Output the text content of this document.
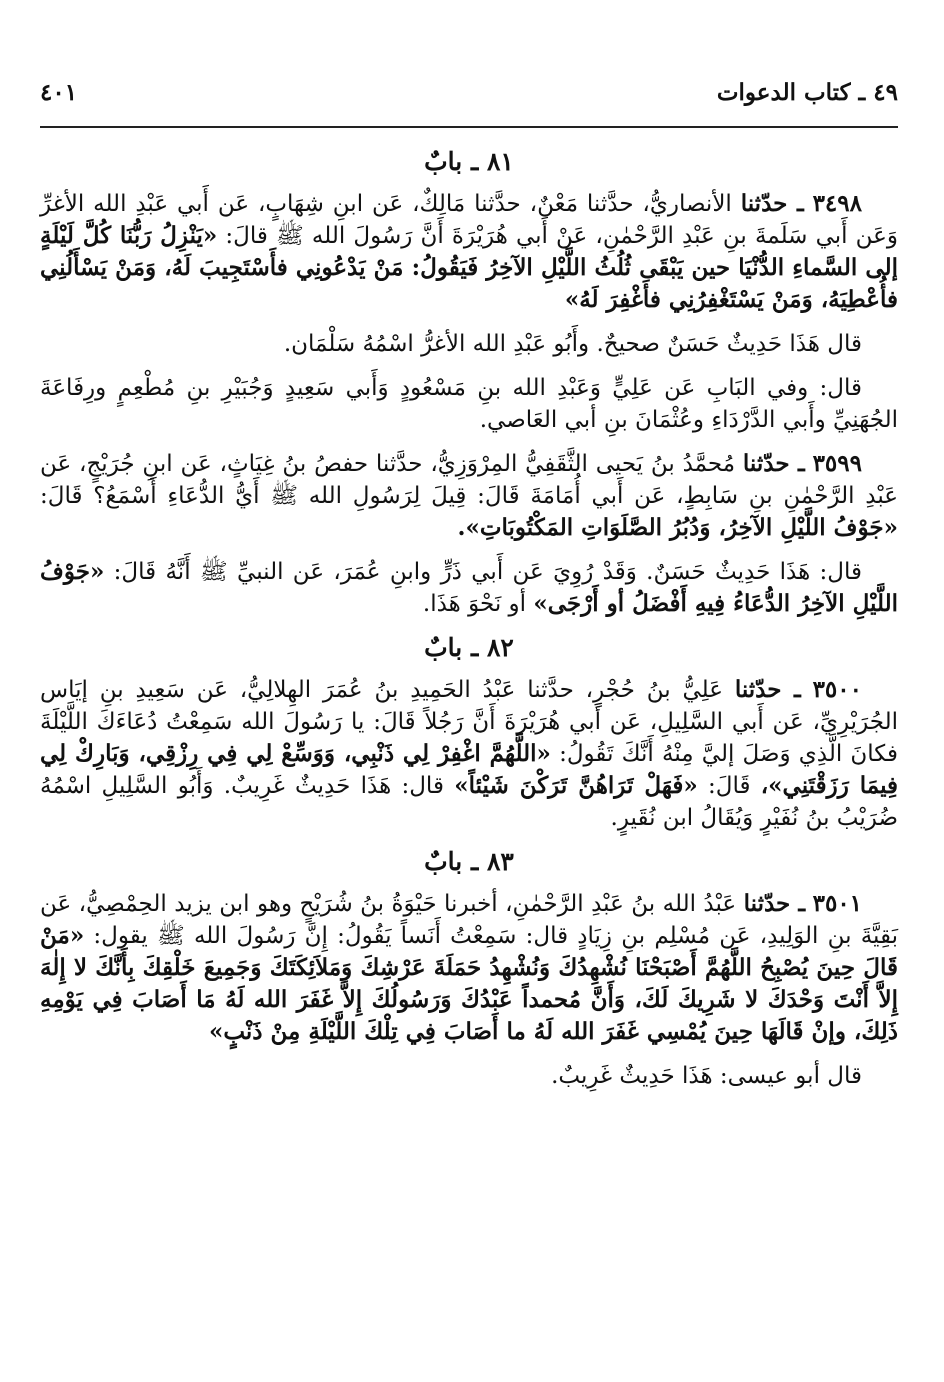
٤٩ ـ كتاب الدعوات
٤٠١
٨١ ـ بابٌ

٣٤٩٨ ـ حدّثنا الأنصاريُّ، حدَّثنا مَعْنٌ، حدَّثنا مَالِكٌ، عَن ابنِ شِهَابٍ، عَن أَبي عَبْدِ الله الأغرِّ وَعَن أَبي سَلَمةَ بنِ عَبْدِ الرَّحْمٰنِ، عَنْ أَبي هُرَيْرَةَ أَنَّ رَسُولَ الله ﷺ قالَ: «يَنْزِلُ رَبُّنَا كُلَّ لَيْلَةٍ إلى السَّماءِ الدُّنْيَا حين يَبْقَى ثُلُثُ اللَّيْلِ الآخِرُ فَيَقُولُ: مَنْ يَدْعُونِي فأَسْتَجِيبَ لَهُ، وَمَنْ يَسْأَلُنِي فأُعْطِيَهُ، وَمَنْ يَسْتَغْفِرُنِي فأَغْفِرَ لَهُ»

قال هَذَا حَدِيثٌ حَسَنٌ صحيحٌ. وأَبُو عَبْدِ الله الأغرُّ اسْمُهُ سَلْمَان.

قال: وفي البَابِ عَن عَلِيٍّ وَعَبْدِ الله بنِ مَسْعُودٍ وَأَبي سَعِيدٍ وَجُبَيْرِ بنِ مُطْعِمٍ ورِفَاعَةَ الجُهَنِيِّ وأَبي الدَّرْدَاءِ وعُثْمَانَ بنِ أبي العَاصي.

٣٥٩٩ ـ حدّثنا مُحمَّدُ بنُ يَحيى الثَّقَفِيُّ المِرْوَزِيُّ، حدَّثنا حفصُ بنُ غِيَاثٍ، عَن ابنِ جُرَيْجٍ، عَن عَبْدِ الرَّحْمٰنِ بنِ سَابِطٍ، عَن أَبي أُمَامَةَ قَالَ: قِيلَ لِرَسُولِ الله ﷺ أَيُّ الدُّعَاءِ أَسْمَعُ؟ قَالَ: «جَوْفُ اللَّيْلِ الآخِرُ، وَدُبُرُ الصَّلَوَاتِ المَكْتُوبَاتِ».

قال: هَذَا حَدِيثٌ حَسَنٌ. وَقَدْ رُوِيَ عَن أَبي ذَرٍّ وابنِ عُمَرَ، عَن النبيِّ ﷺ أَنَّهُ قَالَ: «جَوْفُ اللَّيْلِ الآخِرُ الدُّعَاءُ فِيهِ أَفْضَلُ أو أَرْجَى» أو نَحْوَ هَذَا.

٨٢ ـ بابٌ

٣٥٠٠ ـ حدّثنا عَلِيُّ بنُ حُجْرٍ، حدَّثنا عَبْدُ الحَمِيدِ بنُ عُمَرَ الهِلالِيُّ، عَن سَعِيدِ بنِ إيَاس الجُرَيْرِيِّ، عَن أَبي السَّلِيلِ، عَن أَبي هُرَيْرَةَ أَنَّ رَجُلاً قَالَ: يا رَسُولَ الله سَمِعْتُ دُعَاءَكَ اللَّيْلَةَ فكانَ الَّذِي وَصَلَ إليَّ مِنْهُ أَنَّكَ تَقُولُ: «اللَّهُمَّ اغْفِرْ لِي ذَنْبِي، وَوَسِّعْ لِي فِي رِزْقِي، وَبَارِكْ لِي فِيمَا رَزَقْتَنِي»، قَالَ: «فَهَلْ تَرَاهُنَّ تَرَكْنَ شَيْئاً» قال: هَذَا حَدِيثٌ غَرِيبٌ. وَأَبُو السَّلِيلِ اسْمُهُ ضُرَيْبُ بنُ نُفَيْرٍ وَيُقَالُ ابن نُقَيرٍ.

٨٣ ـ بابٌ

٣٥٠١ ـ حدّثنا عَبْدُ الله بنُ عَبْدِ الرَّحْمٰنِ، أخبرنا حَيْوَةُ بنُ شُرَيْحٍ وهو ابن يزيد الحِمْصِيُّ، عَن بَقِيَّةَ بنِ الوَلِيدِ، عَن مُسْلِم بنِ زِيَادٍ قال: سَمِعْتُ أَنَساً يَقُولُ: إِنَّ رَسُولَ الله ﷺ يقول: «مَنْ قَالَ حِينَ يُصْبِحُ اللَّهُمَّ أَصْبَحْنَا نُشْهِدُكَ وَنُشْهِدُ حَمَلَةَ عَرْشِكَ وَمَلاَئِكَتَكَ وَجَمِيعَ خَلْقِكَ بِأَنَّكَ لا إِلٰهَ إِلاَّ أَنْتَ وَحْدَكَ لا شَرِيكَ لَكَ، وَأَنَّ مُحمداً عَبْدُكَ وَرَسُولُكَ إِلاَّ غَفَرَ الله لَهُ مَا أَصَابَ فِي يَوْمِهِ ذَلِكَ، وإنْ قَالَهَا حِينَ يُمْسِي غَفَرَ الله لَهُ ما أَصَابَ فِي تِلْكَ اللَّيْلَةِ مِنْ ذَنْبٍ»

قال أبو عيسى: هَذَا حَدِيثٌ غَرِيبٌ.
